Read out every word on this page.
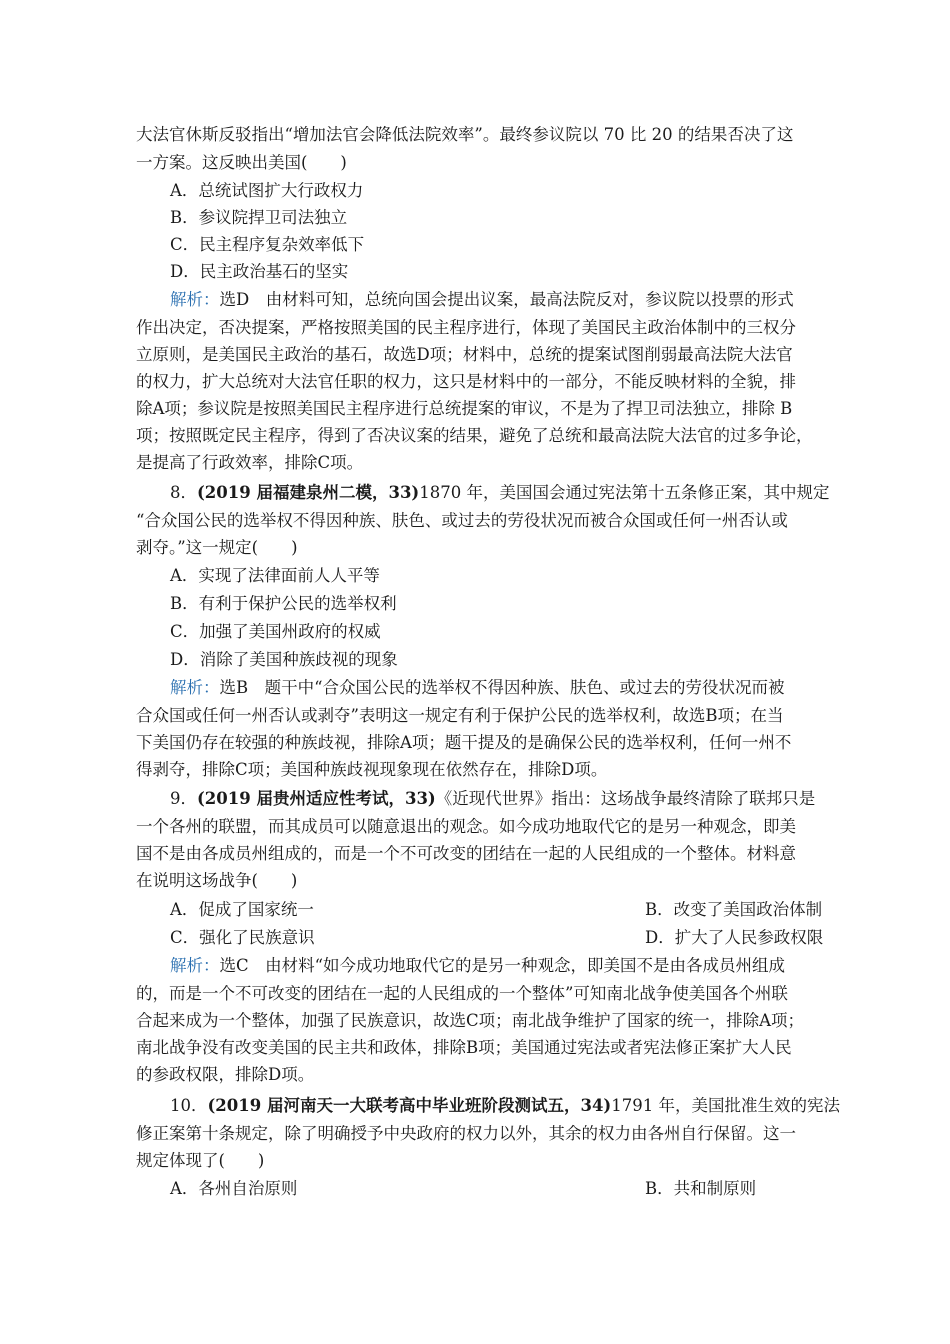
大法官休斯反驳指出“增加法官会降低法院效率”。最终参议院以 70 比 20 的结果否决了这
一方案。这反映出美国(　　)
A．总统试图扩大行政权力
B．参议院捍卫司法独立
C．民主程序复杂效率低下
D．民主政治基石的坚实
解析：选D　由材料可知，总统向国会提出议案，最高法院反对，参议院以投票的形式
作出决定，否决提案，严格按照美国的民主程序进行，体现了美国民主政治体制中的三权分
立原则，是美国民主政治的基石，故选D项；材料中，总统的提案试图削弱最高法院大法官
的权力，扩大总统对大法官任职的权力，这只是材料中的一部分，不能反映材料的全貌，排
除A项；参议院是按照美国民主程序进行总统提案的审议，不是为了捍卫司法独立，排除 B
项；按照既定民主程序，得到了否决议案的结果，避免了总统和最高法院大法官的过多争论，
是提高了行政效率，排除C项。
8．(2019 届福建泉州二模，33)1870 年，美国国会通过宪法第十五条修正案，其中规定
“合众国公民的选举权不得因种族、肤色、或过去的劳役状况而被合众国或任何一州否认或
剥夺。”这一规定(　　)
A．实现了法律面前人人平等
B．有利于保护公民的选举权利
C．加强了美国州政府的权威
D．消除了美国种族歧视的现象
解析：选B　题干中“合众国公民的选举权不得因种族、肤色、或过去的劳役状况而被
合众国或任何一州否认或剥夺”表明这一规定有利于保护公民的选举权利，故选B项；在当
下美国仍存在较强的种族歧视，排除A项；题干提及的是确保公民的选举权利，任何一州不
得剥夺，排除C项；美国种族歧视现象现在依然存在，排除D项。
9．(2019 届贵州适应性考试，33)《近现代世界》指出：这场战争最终清除了联邦只是
一个各州的联盟，而其成员可以随意退出的观念。如今成功地取代它的是另一种观念，即美
国不是由各成员州组成的，而是一个不可改变的团结在一起的人民组成的一个整体。材料意
在说明这场战争(　　)
A．促成了国家统一	B．改变了美国政治体制
C．强化了民族意识	D．扩大了人民参政权限
解析：选C　由材料“如今成功地取代它的是另一种观念，即美国不是由各成员州组成
的，而是一个不可改变的团结在一起的人民组成的一个整体”可知南北战争使美国各个州联
合起来成为一个整体，加强了民族意识，故选C项；南北战争维护了国家的统一，排除A项；
南北战争没有改变美国的民主共和政体，排除B项；美国通过宪法或者宪法修正案扩大人民
的参政权限，排除D项。
10．(2019 届河南天一大联考高中毕业班阶段测试五，34)1791 年，美国批准生效的宪法
修正案第十条规定，除了明确授予中央政府的权力以外，其余的权力由各州自行保留。这一
规定体现了(　　)
A．各州自治原则	B．共和制原则
